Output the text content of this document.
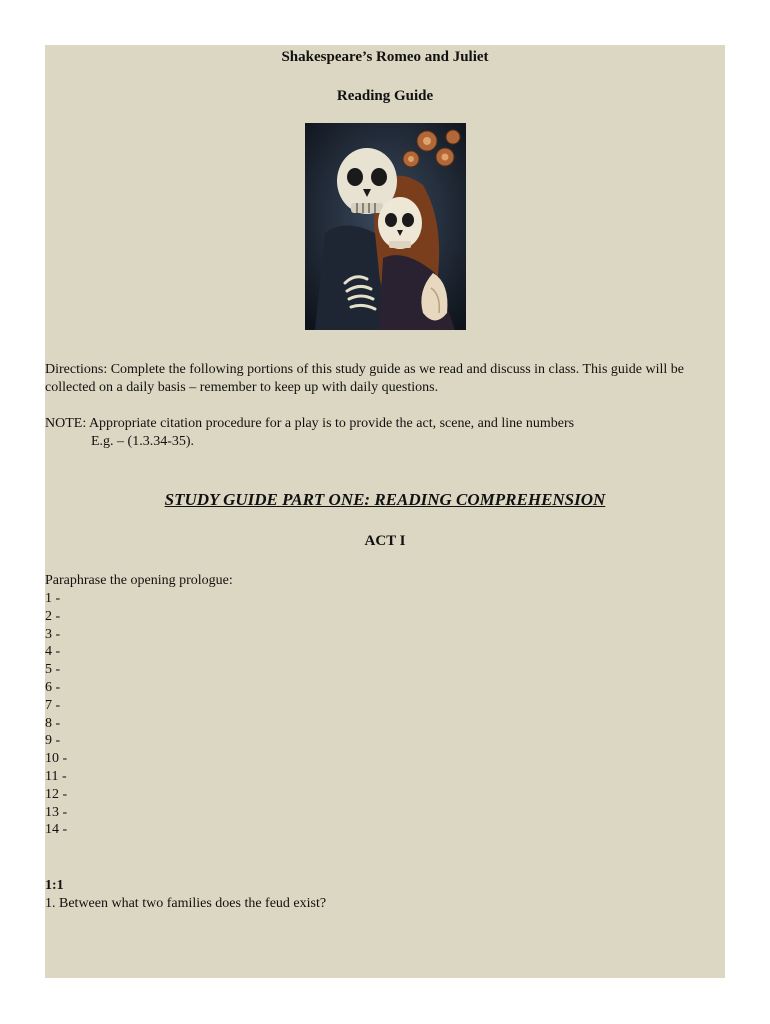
Shakespeare’s Romeo and Juliet
Reading Guide
Directions: Complete the following portions of this study guide as we read and discuss in class. This guide will be collected on a daily basis – remember to keep up with daily questions.
NOTE: Appropriate citation procedure for a play is to provide the act, scene, and line numbers
E.g. – (1.3.34-35).
STUDY GUIDE PART ONE: READING COMPREHENSION
ACT I
Paraphrase the opening prologue:
1 -
2 -
3 -
4 -
5 -
6 -
7 -
8 -
9 -
10 -
11 -
12 -
13 -
14 -
1:1
1. Between what two families does the feud exist?
